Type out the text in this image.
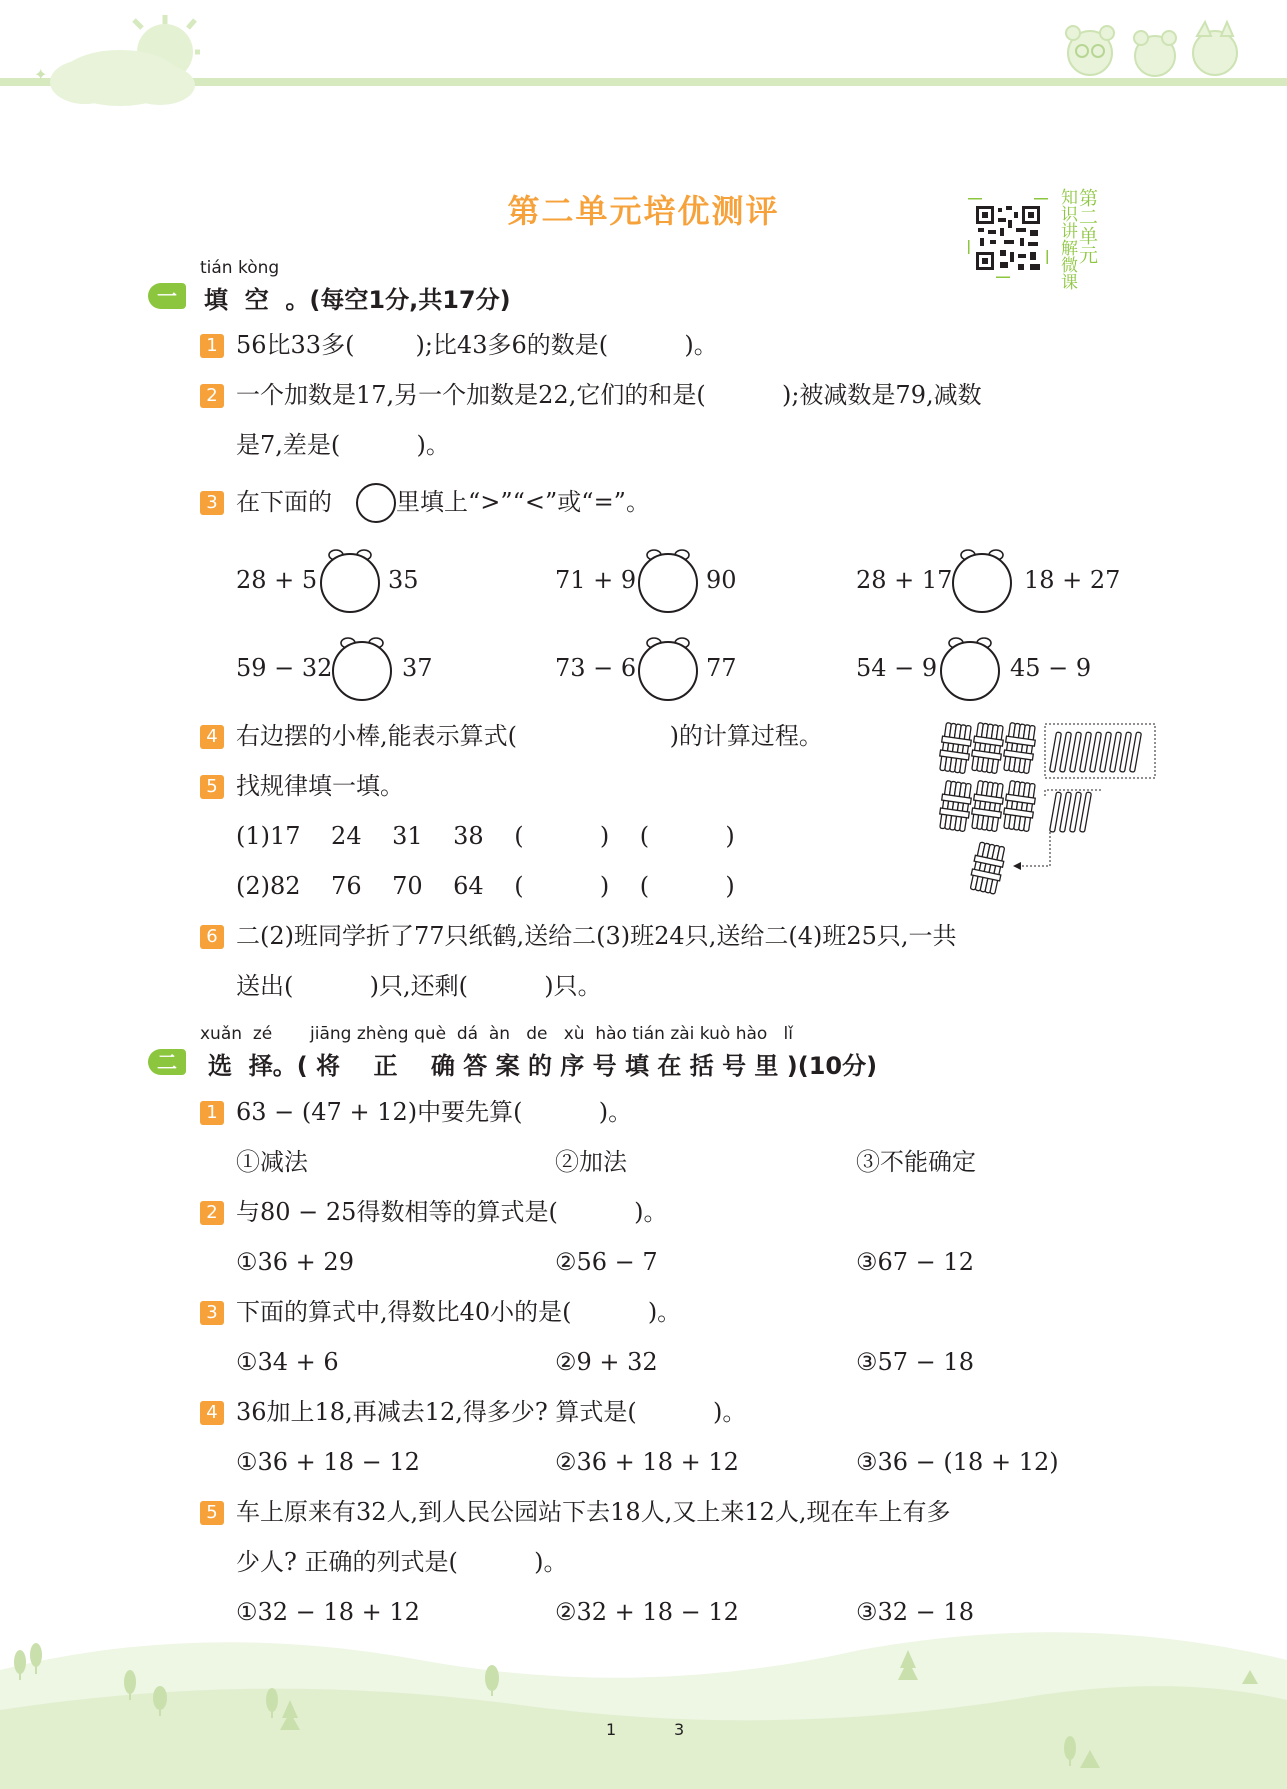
✦
第二单元培优测评	知识讲解微课第二单元
tián kòng
一	填  空  。(每空1分,共17分)
1 56比33多(        );比43多6的数是(          )。
2 一个加数是17,另一个加数是22,它们的和是(          );被减数是79,减数
是7,差是(          )。
3 在下面的	里填上“>”“<”或“=”。
28 + 5	35	71 + 9	90	28 + 17	18 + 27
59 − 32	37	73 − 6	77	54 − 9	45 − 9
4 右边摆的小棒,能表示算式(                    )的计算过程。
5 找规律填一填。
(1)17    24    31    38    (          )    (          )
(2)82    76    70    64    (          )    (          )
6 二(2)班同学折了77只纸鹤,送给二(3)班24只,送给二(4)班25只,一共
送出(          )只,还剩(          )只。
xuǎn  zé       jiāng zhèng què  dá  àn   de   xù  hào tián zài kuò hào   lǐ
二	选  择。( 将    正    确 答 案 的 序 号 填 在 括 号 里 )(10分)
1 63 − (47 + 12)中要先算(          )。
①减法	②加法	③不能确定
2 与80 − 25得数相等的算式是(          )。
①36 + 29	②56 − 7	③67 − 12
3 下面的算式中,得数比40小的是(          )。
①34 + 6	②9 + 32	③57 − 18
4 36加上18,再减去12,得多少? 算式是(          )。
①36 + 18 − 12	②36 + 18 + 12	③36 − (18 + 12)
5 车上原来有32人,到人民公园站下去18人,又上来12人,现在车上有多
少人? 正确的列式是(          )。
①32 − 18 + 12	②32 + 18 − 12	③32 − 18
1	3
